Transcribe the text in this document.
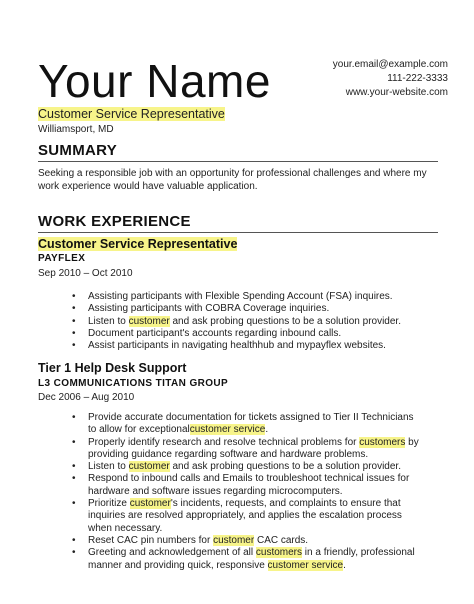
Your Name	your.email@example.com
111-222-3333
www.your-website.com
Customer Service Representative
Williamsport, MD
SUMMARY
Seeking a responsible job with an opportunity for professional challenges and where my work experience would have valuable application.
WORK EXPERIENCE
Customer Service Representative
PAYFLEX
Sep 2010 – Oct 2010
• Assisting participants with Flexible Spending Account (FSA) inquires.
• Assisting participants with COBRA Coverage inquiries.
• Listen to customer and ask probing questions to be a solution provider.
• Document participant's accounts regarding inbound calls.
• Assist participants in navigating healthhub and mypayflex websites.
Tier 1 Help Desk Support
L3 COMMUNICATIONS TITAN GROUP
Dec 2006 – Aug 2010
• Provide accurate documentation for tickets assigned to Tier II Technicians to allow for exceptionalcustomer service.
• Properly identify research and resolve technical problems for customers by providing guidance regarding software and hardware problems.
• Listen to customer and ask probing questions to be a solution provider.
• Respond to inbound calls and Emails to troubleshoot technical issues for hardware and software issues regarding microcomputers.
• Prioritize customer's incidents, requests, and complaints to ensure that inquiries are resolved appropriately, and applies the escalation process when necessary.
• Reset CAC pin numbers for customer CAC cards.
• Greeting and acknowledgement of all customers in a friendly, professional manner and providing quick, responsive customer service.
